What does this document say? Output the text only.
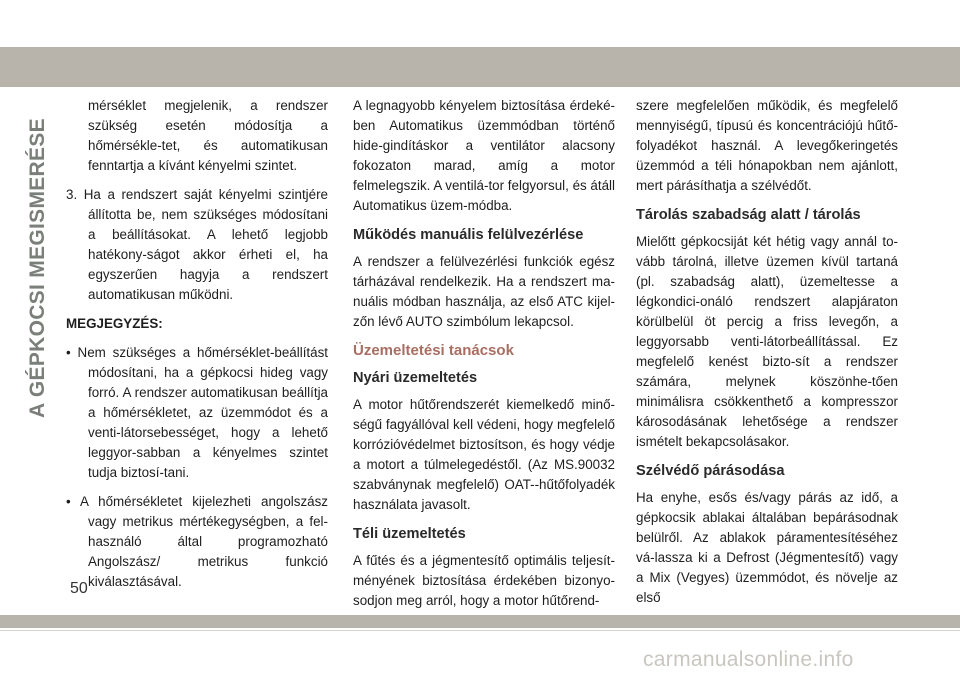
A GÉPKOCSI MEGISMERÉSE

mérséklet megjelenik, a rendszer szükség esetén módosítja a hőmérsékle-tet, és automatikusan fenntartja a kívánt kényelmi szintet.

3. Ha a rendszert saját kényelmi szintjére állította be, nem szükséges módosítani a beállításokat. A lehető legjobb hatékony-ságot akkor érheti el, ha egyszerűen hagyja a rendszert automatikusan működni.

MEGJEGYZÉS:

• Nem szükséges a hőmérséklet-beállítást módosítani, ha a gépkocsi hideg vagy forró. A rendszer automatikusan beállítja a hőmérsékletet, az üzemmódot és a venti-látorsebességet, hogy a lehető leggyor-sabban a kényelmes szintet tudja biztosí-tani.

• A hőmérsékletet kijelezheti angolszász vagy metrikus mértékegységben, a fel-használó által programozható Angolszász/ metrikus funkció kiválasztásával.

A legnagyobb kényelem biztosítása érdeké-ben Automatikus üzemmódban történő hide-gindításkor a ventilátor alacsony fokozaton marad, amíg a motor felmelegszik. A ventilá-tor felgyorsul, és átáll Automatikus üzem-módba.

Működés manuális felülvezérlése

A rendszer a felülvezérlési funkciók egész tárházával rendelkezik. Ha a rendszert ma-nuális módban használja, az első ATC kijel-zőn lévő AUTO szimbólum lekapcsol.

Üzemeltetési tanácsok
Nyári üzemeltetés

A motor hűtőrendszerét kiemelkedő minő-ségű fagyállóval kell védeni, hogy megfelelő korrózióvédelmet biztosítson, és hogy védje a motort a túlmelegedéstől. (Az MS.90032 szabványnak megfelelő) OAT--hűtőfolyadék használata javasolt.

Téli üzemeltetés

A fűtés és a jégmentesítő optimális teljesít-ményének biztosítása érdekében bizonyo-sodjon meg arról, hogy a motor hűtőrend-

szere megfelelően működik, és megfelelő mennyiségű, típusú és koncentrációjú hűtő-folyadékot használ. A levegőkeringetés üzemmód a téli hónapokban nem ajánlott, mert párásíthatja a szélvédőt.

Tárolás szabadság alatt / tárolás

Mielőtt gépkocsiját két hétig vagy annál to-vább tárolná, illetve üzemen kívül tartaná (pl. szabadság alatt), üzemeltesse a légkondici-onáló rendszert alapjáraton körülbelül öt percig a friss levegőn, a leggyorsabb venti-látorbeállítással. Ez megfelelő kenést bizto-sít a rendszer számára, melynek köszönhe-tően minimálisra csökkenthető a kompresszor károsodásának lehetősége a rendszer ismételt bekapcsolásakor.

Szélvédő párásodása

Ha enyhe, esős és/vagy párás az idő, a gépkocsik ablakai általában bepárásodnak belülről. Az ablakok páramentesítéséhez vá-lassza ki a Defrost (Jégmentesítő) vagy a Mix (Vegyes) üzemmódot, és növelje az első

50
carmanualsonline.info
